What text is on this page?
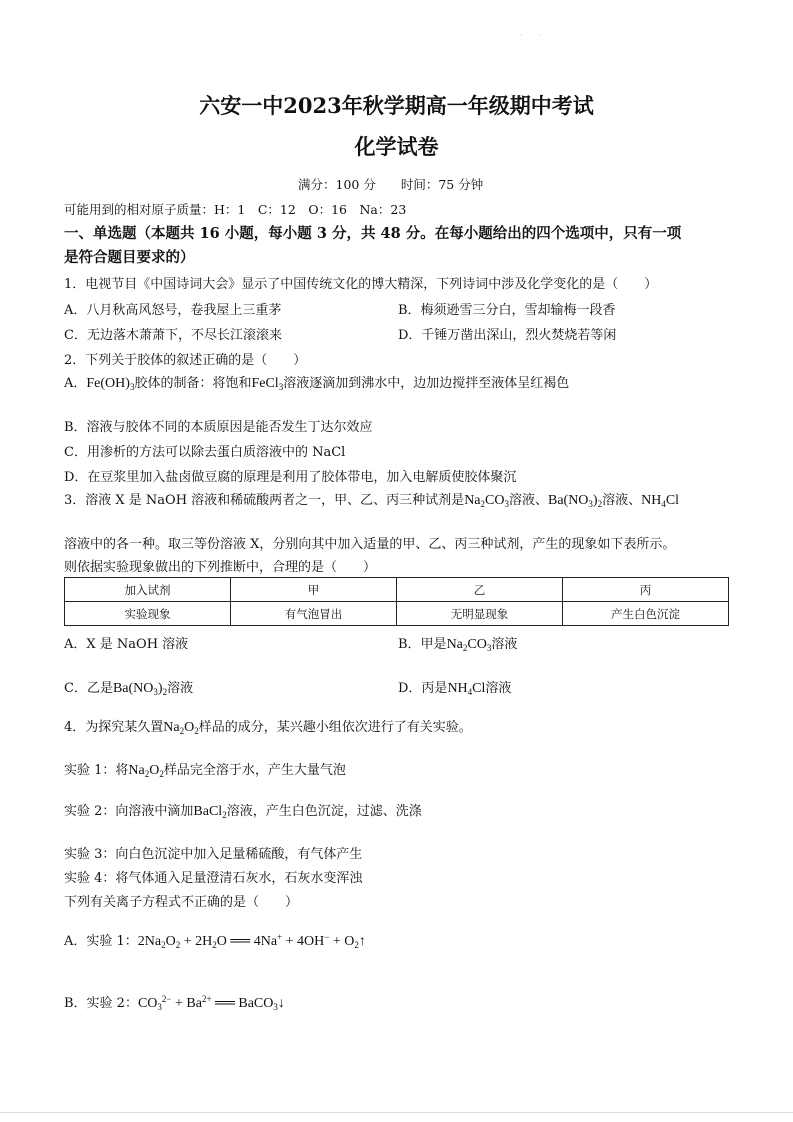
·　　·
六安一中2023年秋学期高一年级期中考试
化学试卷
满分：100 分　　时间：75 分钟
可能用到的相对原子质量：H：1　C：12　O：16　Na：23
一、单选题（本题共 16 小题，每小题 3 分，共 48 分。在每小题给出的四个选项中，只有一项
是符合题目要求的）
1．电视节目《中国诗词大会》显示了中国传统文化的博大精深，下列诗词中涉及化学变化的是（　　）
A．八月秋高风怒号，卷我屋上三重茅	B．梅须逊雪三分白，雪却输梅一段香
C．无边落木萧萧下，不尽长江滚滚来	D．千锤万凿出深山，烈火焚烧若等闲
2．下列关于胶体的叙述正确的是（　　）
A．$Fe(OH)_3$胶体的制备：将饱和FeCl$_3$溶液逐滴加到沸水中，边加边搅拌至液体呈红褐色
B．溶液与胶体不同的本质原因是能否发生丁达尔效应
C．用渗析的方法可以除去蛋白质溶液中的 NaCl
D．在豆浆里加入盐卤做豆腐的原理是利用了胶体带电，加入电解质使胶体聚沉
3．溶液 X 是 NaOH 溶液和稀硫酸两者之一，甲、乙、丙三种试剂是$Na_2CO_3$溶液、$Ba(NO_3)_2$溶液、$NH_4Cl$
溶液中的各一种。取三等份溶液 X，分别向其中加入适量的甲、乙、丙三种试剂，产生的现象如下表所示。
则依据实验现象做出的下列推断中，合理的是（　　）
加入试剂	甲	乙	丙
实验现象	有气泡冒出	无明显现象	产生白色沉淀
A．X 是 NaOH 溶液	B．甲是$Na_2CO_3$溶液
C．乙是$Ba(NO_3)_2$溶液	D．丙是$NH_4Cl$溶液
4．为探究某久置$Na_2O_2$样品的成分，某兴趣小组依次进行了有关实验。
实验 1：将$Na_2O_2$样品完全溶于水，产生大量气泡
实验 2：向溶液中滴加BaCl$_2$溶液，产生白色沉淀，过滤、洗涤
实验 3：向白色沉淀中加入足量稀硫酸，有气体产生
实验 4：将气体通入足量澄清石灰水，石灰水变浑浊
下列有关离子方程式不正确的是（　　）
A．实验 1：$2Na_2O_2 + 2H_2O$ ══ $4Na^+ + 4OH^- + O_2↑$
B．实验 2：$CO_3^{2-} + Ba^{2+}$ ══ BaCO$_3$↓
